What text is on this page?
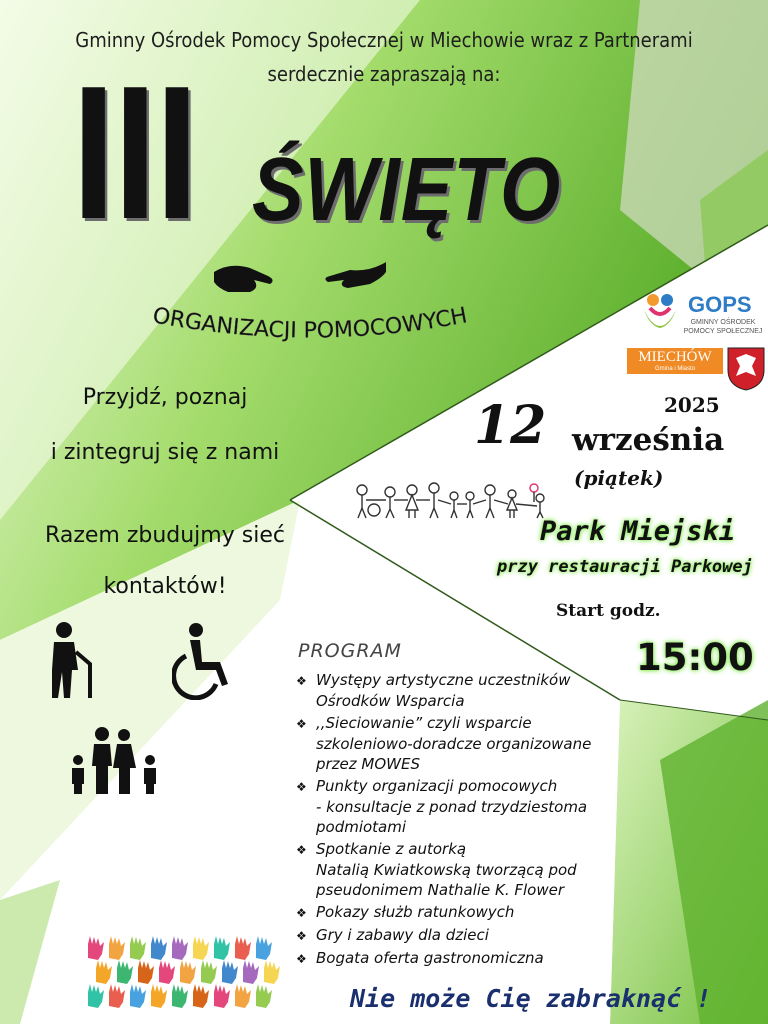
Gminny Ośrodek Pomocy Społecznej w Miechowie wraz z Partnerami
serdecznie zapraszają na:
III ŚWIĘTO
ORGANIZACJI POMOCOWYCH
Przyjdź, poznaj
i zintegruj się z nami
Razem zbudujmy sieć
kontaktów!
GOPS
GMINNY OŚRODEK
POMOCY SPOŁECZNEJ
MIECHÓW
Gmina i Miasto
2025
12 września
(piątek)
Park Miejski
przy restauracji Parkowej
Start godz.
15:00
PROGRAM
❖ Występy artystyczne uczestników
Ośrodków Wsparcia
❖ ,,Sieciowanie” czyli wsparcie
szkoleniowo-doradcze organizowane
przez MOWES
❖ Punkty organizacji pomocowych
- konsultacje z ponad trzydziestoma
podmiotami
❖ Spotkanie z autorką
Natalią Kwiatkowską tworzącą pod
pseudonimem Nathalie K. Flower
❖ Pokazy służb ratunkowych
❖ Gry i zabawy dla dzieci
❖ Bogata oferta gastronomiczna
Nie może Cię zabraknąć !
